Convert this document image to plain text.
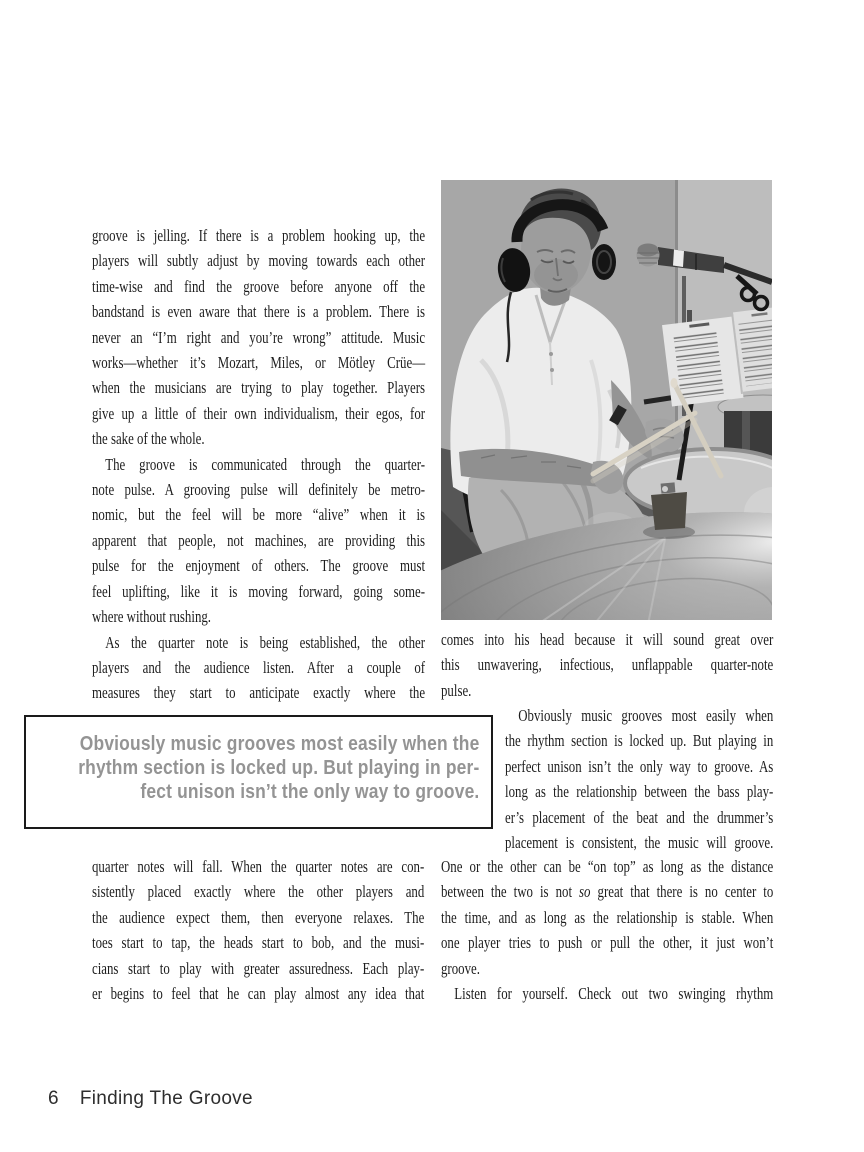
groove is jelling. If there is a problem hooking up, the
players will subtly adjust by moving towards each other
time-wise and find the groove before anyone off the
bandstand is even aware that there is a problem. There is
never an “I’m right and you’re wrong” attitude. Music
works—whether it’s Mozart, Miles, or Mötley Crüe—
when the musicians are trying to play together. Players
give up a little of their own individualism, their egos, for
the sake of the whole.
The groove is communicated through the quarter-
note pulse. A grooving pulse will definitely be metro-
nomic, but the feel will be more “alive” when it is
apparent that people, not machines, are providing this
pulse for the enjoyment of others. The groove must
feel uplifting, like it is moving forward, going some-
where without rushing.
As the quarter note is being established, the other
players and the audience listen. After a couple of
measures they start to anticipate exactly where the
Obviously music grooves most easily when the
rhythm section is locked up. But playing in per-
fect unison isn’t the only way to groove.
quarter notes will fall. When the quarter notes are con-
sistently placed exactly where the other players and
the audience expect them, then everyone relaxes. The
toes start to tap, the heads start to bob, and the musi-
cians start to play with greater assuredness. Each play-
er begins to feel that he can play almost any idea that
comes into his head because it will sound great over
this unwavering, infectious, unflappable quarter-note
pulse.
Obviously music grooves most easily when
the rhythm section is locked up. But playing in
perfect unison isn’t the only way to groove. As
long as the relationship between the bass play-
er’s placement of the beat and the drummer’s
placement is consistent, the music will groove.
One or the other can be “on top” as long as the distance
between the two is not so great that there is no center to
the time, and as long as the relationship is stable. When
one player tries to push or pull the other, it just won’t
groove.
Listen for yourself. Check out two swinging rhythm
6 Finding The Groove
